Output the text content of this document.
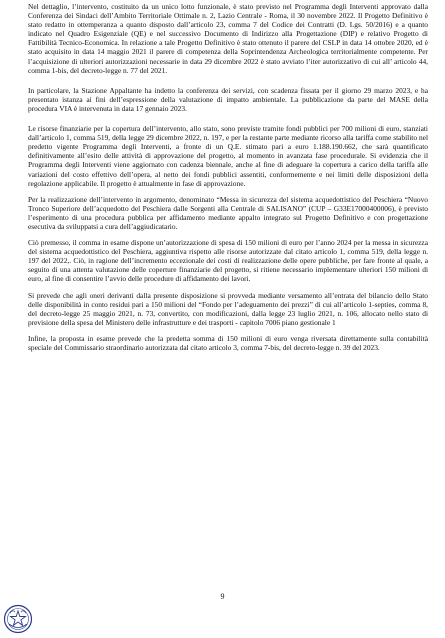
Nel dettaglio, l’intervento, costituito da un unico lotto funzionale, è stato previsto nel Programma degli Interventi approvato dalla Conferenza dei Sindaci dell’Ambito Territoriale Ottimale n. 2, Lazio Centrale - Roma, il 30 novembre 2022. Il Progetto Definitivo è stato redatto in ottemperanza a quanto disposto dall’articolo 23, comma 7 del Codice dei Contratti (D. Lgs. 50/2016) e a quanto indicato nel Quadro Esigenziale (QE) e nel successivo Documento di Indirizzo alla Progettazione (DIP) e relativo Progetto di Fattibilità Tecnico-Economica. In relazione a tale Progetto Definitivo è stato ottenuto il parere del CSLP in data 14 ottobre 2020, ed è stato acquisito in data 14 maggio 2021 il parere di competenza della Soprintendenza Archeologica territorialmente competente. Per l’acquisizione di ulteriori autorizzazioni necessarie in data 29 dicembre 2022 è stato avviato l’iter autorizzativo di cui all’ articolo 44, comma 1-bis, del decreto-legge n. 77 del 2021.

In particolare, la Stazione Appaltante ha indetto la conferenza dei servizi, con scadenza fissata per il giorno 29 marzo 2023, e ha presentato istanza ai fini dell’espressione della valutazione di impatto ambientale. La pubblicazione da parte del MASE della procedura VIA è intervenuta in data 17 gennaio 2023.

Le risorse finanziarie per la copertura dell’intervento, allo stato, sono previste tramite fondi pubblici per 700 milioni di euro, stanziati dall’articolo 1, comma 519, della legge 29 dicembre 2022, n. 197, e per la restante parte mediante ricorso alla tariffa come stabilito nel predetto vigente Programma degli Interventi, a fronte di un Q.E. stimato pari a euro 1.188.190.662, che sarà quantificato definitivamente all’esito delle attività di approvazione del progetto, al momento in avanzata fase procedurale. Si evidenzia che il Programma degli Interventi viene aggiornato con cadenza biennale, anche al fine di adeguare la copertura a carico della tariffa alle variazioni del costo effettivo dell’opera, al netto dei fondi pubblici assentiti, conformemente e nei limiti delle disposizioni della regolazione applicabile. Il progetto è attualmente in fase di approvazione.

Per la realizzazione dell’intervento in argomento, denominato “Messa in sicurezza del sistema acquedottistico del Peschiera “Nuovo Tronco Superiore dell’acquedotto del Peschiera dalle Sorgenti alla Centrale di SALISANO” (CUP – G33E17000400006), è previsto l’esperimento di una procedura pubblica per affidamento mediante appalto integrato sul Progetto Definitivo e con progettazione esecutiva da sviluppatsi a cura dell’aggiudicatario.

Ciò premesso, il comma in esame dispone un’autorizzazione di spesa di 150 milioni di euro per l’anno 2024 per la messa in sicurezza del sistema acquedottistico del Peschiera, aggiuntiva rispetto alle risorse autorizzate dal citato articolo 1, comma 519, della legge n. 197 del 2022,. Ciò, in ragione dell’incremento eccezionale dei costi di realizzazione delle opere pubbliche, per fare fronte al quale, a seguito di una attenta valutazione delle coperture finanziarie del progetto, si ritiene necessario implementare ulteriori 150 milioni di euro, al fine di consentire l’avvio delle procedure di affidamento dei lavori.

Si prevede che agli oneri derivanti dalla presente disposizione si provveda mediante versamento all’entrata del bilancio dello Stato delle disponibilità in conto residui pari a 150 milioni del “Fondo per l’adeguamento dei prezzi” di cui all’articolo 1-septies, comma 8, del decreto-legge 25 maggio 2021, n. 73, convertito, con modificazioni, dalla legge 23 luglio 2021, n. 106, allocato nello stato di previsione della spesa del Ministero delle infrastrutture e dei trasporti - capitolo 7006 piano gestionale 1

Infine, la proposta in esame prevede che la predetta somma di 150 milioni di euro venga riversata direttamente sulla contabilità speciale del Commissario straordinario autorizzata dal citato articolo 3, comma 7-bis, del decreto-legge n. 39 del 2023.

9
